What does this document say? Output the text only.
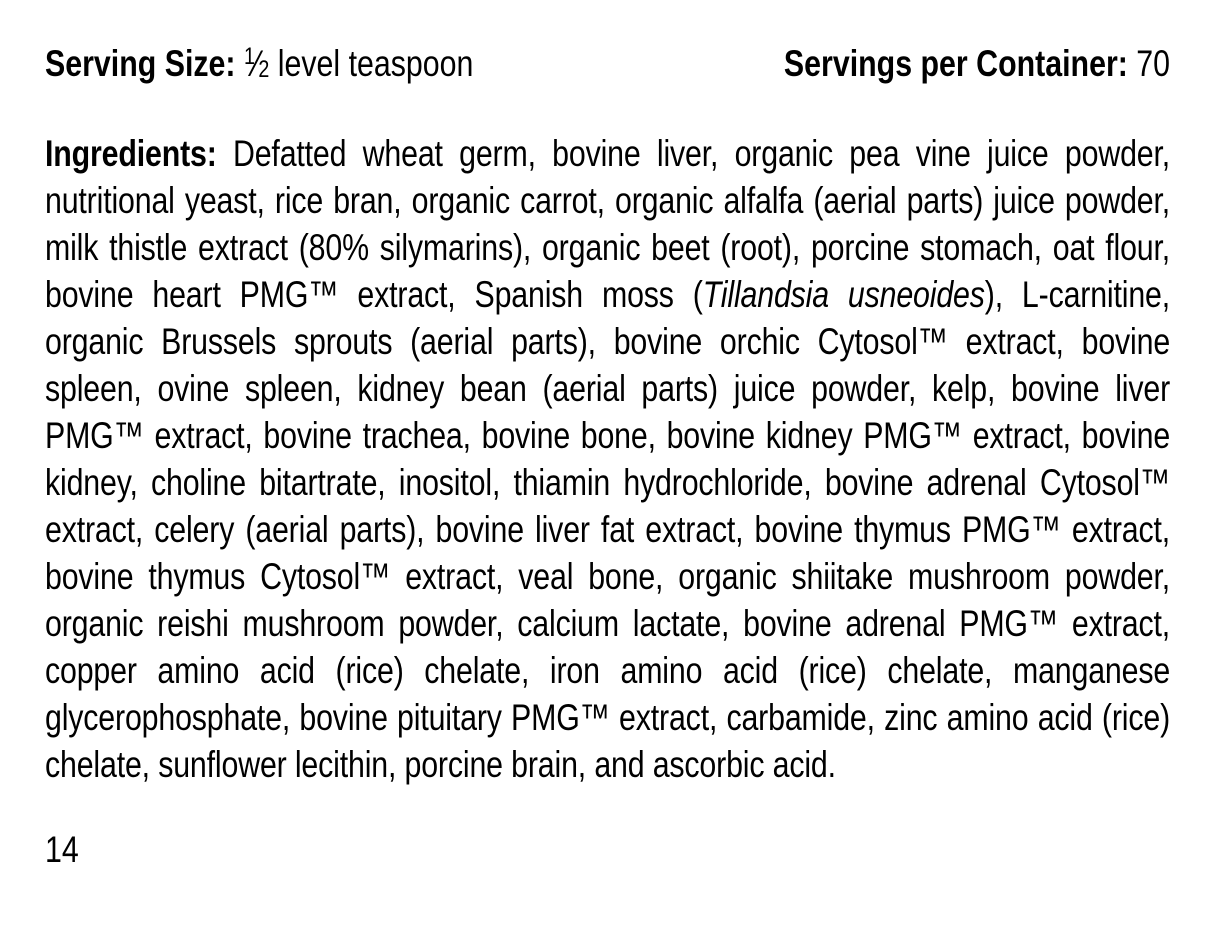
Serving Size: $^1$⁄2 level teaspoon	Servings per Container: 70

Ingredients: Defatted wheat germ, bovine liver, organic pea vine juice powder, nutritional yeast, rice bran, organic carrot, organic alfalfa (aerial parts) juice powder, milk thistle extract (80% silymarins), organic beet (root), porcine stomach, oat flour, bovine heart PMG™ extract, Spanish moss (Tillandsia usneoides), L-carnitine, organic Brussels sprouts (aerial parts), bovine orchic Cytosol™ extract, bovine spleen, ovine spleen, kidney bean (aerial parts) juice powder, kelp, bovine liver PMG™ extract, bovine trachea, bovine bone, bovine kidney PMG™ extract, bovine kidney, choline bitartrate, inositol, thiamin hydrochloride, bovine adrenal Cytosol™ extract, celery (aerial parts), bovine liver fat extract, bovine thymus PMG™ extract, bovine thymus Cytosol™ extract, veal bone, organic shiitake mushroom powder, organic reishi mushroom powder, calcium lactate, bovine adrenal PMG™ extract, copper amino acid (rice) chelate, iron amino acid (rice) chelate, manganese glycerophosphate, bovine pituitary PMG™ extract, carbamide, zinc amino acid (rice) chelate, sunflower lecithin, porcine brain, and ascorbic acid.

14
